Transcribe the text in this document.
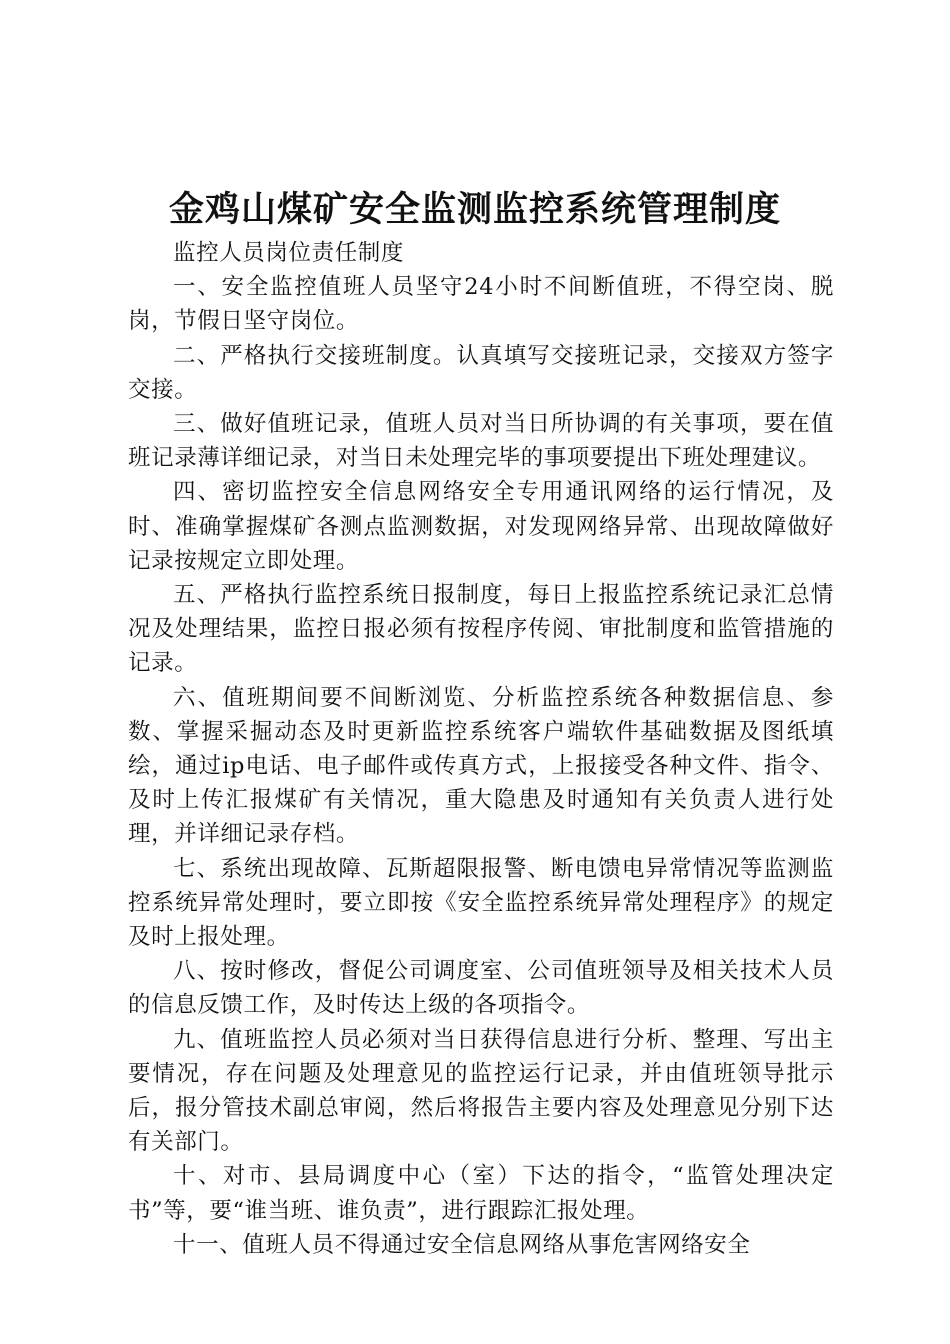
金鸡山煤矿安全监测监控系统管理制度

监控人员岗位责任制度

一、安全监控值班人员坚守24小时不间断值班，不得空岗、脱岗，节假日坚守岗位。

二、严格执行交接班制度。认真填写交接班记录，交接双方签字交接。

三、做好值班记录，值班人员对当日所协调的有关事项，要在值班记录薄详细记录，对当日未处理完毕的事项要提出下班处理建议。

四、密切监控安全信息网络安全专用通讯网络的运行情况，及时、准确掌握煤矿各测点监测数据，对发现网络异常、出现故障做好记录按规定立即处理。

五、严格执行监控系统日报制度，每日上报监控系统记录汇总情况及处理结果，监控日报必须有按程序传阅、审批制度和监管措施的记录。

六、值班期间要不间断浏览、分析监控系统各种数据信息、参数、掌握采掘动态及时更新监控系统客户端软件基础数据及图纸填绘，通过ip电话、电子邮件或传真方式，上报接受各种文件、指令、及时上传汇报煤矿有关情况，重大隐患及时通知有关负责人进行处理，并详细记录存档。

七、系统出现故障、瓦斯超限报警、断电馈电异常情况等监测监控系统异常处理时，要立即按《安全监控系统异常处理程序》的规定及时上报处理。

八、按时修改，督促公司调度室、公司值班领导及相关技术人员的信息反馈工作，及时传达上级的各项指令。

九、值班监控人员必须对当日获得信息进行分析、整理、写出主要情况，存在问题及处理意见的监控运行记录，并由值班领导批示后，报分管技术副总审阅，然后将报告主要内容及处理意见分别下达有关部门。

十、对市、县局调度中心（室）下达的指令，“监管处理决定书”等，要“谁当班、谁负责”，进行跟踪汇报处理。

十一、值班人员不得通过安全信息网络从事危害网络安全
